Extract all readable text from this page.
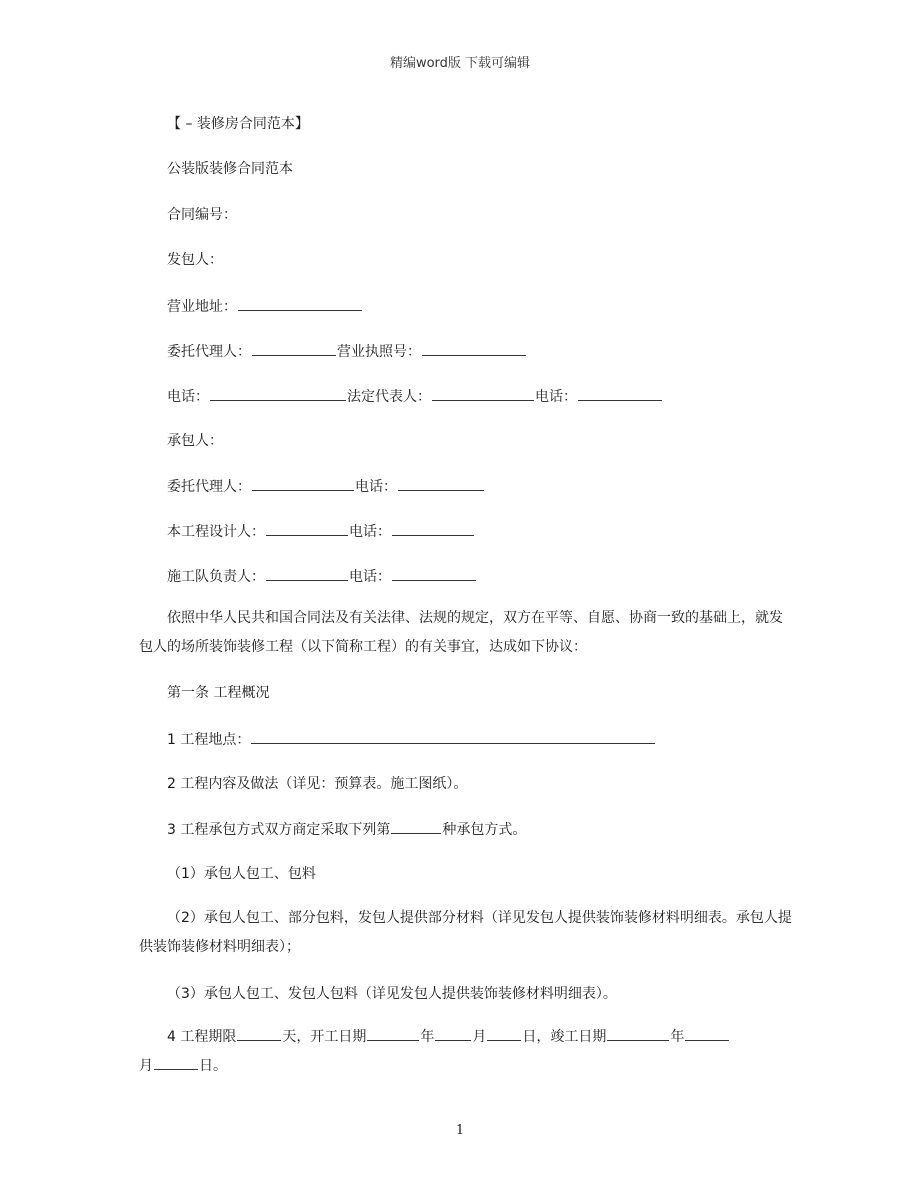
精编word版 下载可编辑
【 – 装修房合同范本】
公装版装修合同范本
合同编号：
发包人：
营业地址：
委托代理人：	营业执照号：
电话：	法定代表人：	电话：
承包人：
委托代理人：	电话：
本工程设计人：	电话：
施工队负责人：	电话：
依照中华人民共和国合同法及有关法律、法规的规定，双方在平等、自愿、协商一致的基础上，就发包人的场所装饰装修工程（以下简称工程）的有关事宜，达成如下协议：
第一条 工程概况
1 工程地点：
2 工程内容及做法（详见：预算表。施工图纸）。
3 工程承包方式双方商定采取下列第	种承包方式。
（1）承包人包工、包料
（2）承包人包工、部分包料，发包人提供部分材料（详见发包人提供装饰装修材料明细表。承包人提供装饰装修材料明细表）；
（3）承包人包工、发包人包料（详见发包人提供装饰装修材料明细表）。
4 工程期限	天，开工日期	年	月	日，竣工日期	年
月	日。
1
